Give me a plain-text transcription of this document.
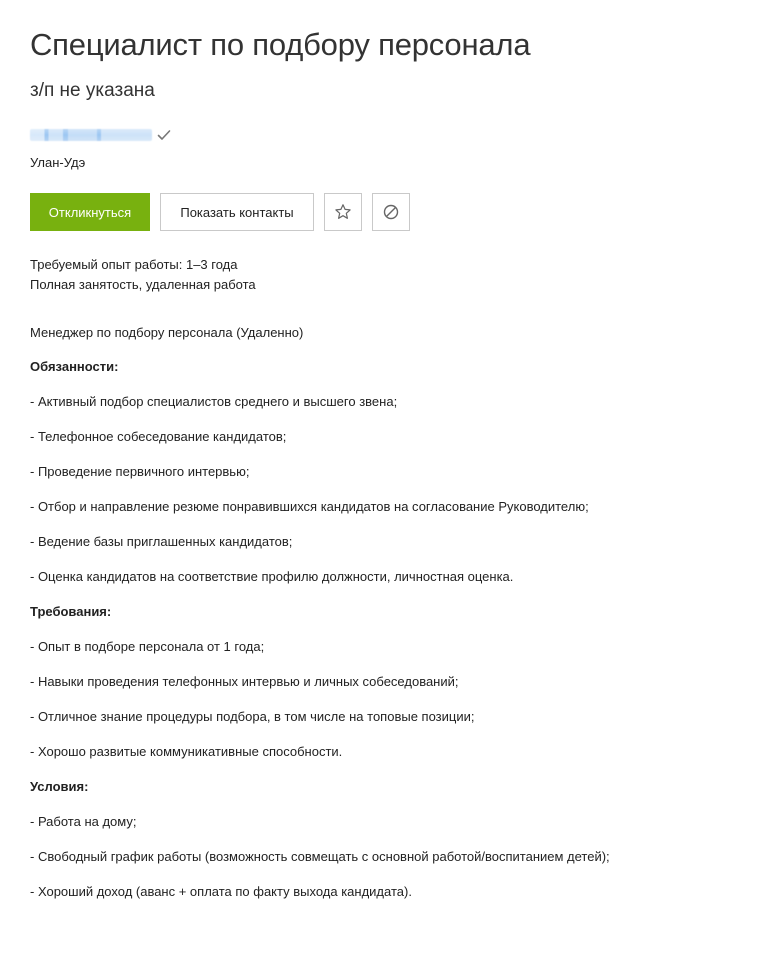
Специалист по подбору персонала
з/п не указана
Улан-Удэ
Откликнуться	Показать контакты
Требуемый опыт работы: 1–3 года
Полная занятость, удаленная работа

Менеджер по подбору персонала (Удаленно)

Обязанности:

- Активный подбор специалистов среднего и высшего звена;

- Телефонное собеседование кандидатов;

- Проведение первичного интервью;

- Отбор и направление резюме понравившихся кандидатов на согласование Руководителю;

- Ведение базы приглашенных кандидатов;

- Оценка кандидатов на соответствие профилю должности, личностная оценка.

Требования:

- Опыт в подборе персонала от 1 года;

- Навыки проведения телефонных интервью и личных собеседований;

- Отличное знание процедуры подбора, в том числе на топовые позиции;

- Хорошо развитые коммуникативные способности.

Условия:

- Работа на дому;

- Свободный график работы (возможность совмещать с основной работой/воспитанием детей);

- Хороший доход (аванс + оплата по факту выхода кандидата).
